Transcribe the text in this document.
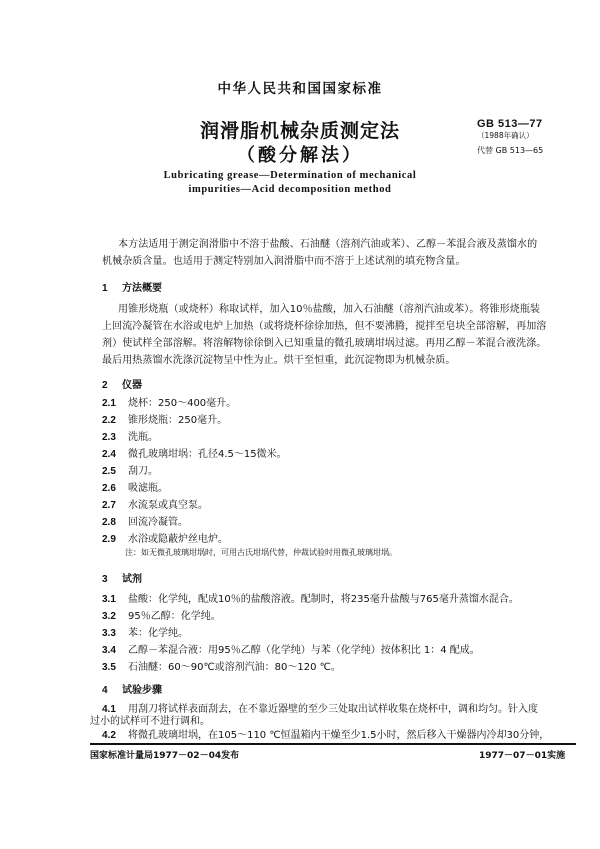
中华人民共和国国家标准
润滑脂机械杂质测定法
（酸分解法）
GB 513—77
（1988年确认）
代替 GB 513—65
Lubricating grease—Determination of mechanical
impurities—Acid decomposition method
本方法适用于测定润滑脂中不溶于盐酸、石油醚（溶剂汽油或苯）、乙醇－苯混合液及蒸馏水的
机械杂质含量。也适用于测定特别加入润滑脂中而不溶于上述试剂的填充物含量。
1 方法概要
用锥形烧瓶（或烧杯）称取试样，加入10％盐酸，加入石油醚（溶剂汽油或苯）。将锥形烧瓶装
上回流冷凝管在水浴或电炉上加热（或将烧杯徐徐加热，但不要沸腾，搅拌至皂块全部溶解，再加溶
剂）使试样全部溶解。将溶解物徐徐倒入已知重量的微孔玻璃坩埚过滤。再用乙醇－苯混合液洗涤。
最后用热蒸馏水洗涤沉淀物呈中性为止。烘干至恒重，此沉淀物即为机械杂质。
2 仪器
2.1 烧杯：250～400毫升。
2.2 锥形烧瓶：250毫升。
2.3 洗瓶。
2.4 微孔玻璃坩埚：孔径4.5～15微米。
2.5 刮刀。
2.6 吸滤瓶。
2.7 水流泵或真空泵。
2.8 回流冷凝管。
2.9 水浴或隐蔽炉丝电炉。
注：如无微孔玻璃坩埚时，可用古氏坩埚代替，仲裁试验时用微孔玻璃坩埚。
3 试剂
3.1 盐酸：化学纯，配成10％的盐酸溶液。配制时，将235毫升盐酸与765毫升蒸馏水混合。
3.2 95％乙醇：化学纯。
3.3 苯：化学纯。
3.4 乙醇－苯混合液：用95％乙醇（化学纯）与苯（化学纯）按体积比 1：4 配成。
3.5 石油醚：60～90℃或溶剂汽油：80～120 ℃。
4 试验步骤
4.1 用刮刀将试样表面刮去，在不靠近器壁的至少三处取出试样收集在烧杯中，调和均匀。针入度
过小的试样可不进行调和。
4.2 将微孔玻璃坩埚，在105～110 ℃恒温箱内干燥至少1.5小时，然后移入干燥器内冷却30分钟，
国家标准计量局1977－02－04发布	1977－07－01实施
